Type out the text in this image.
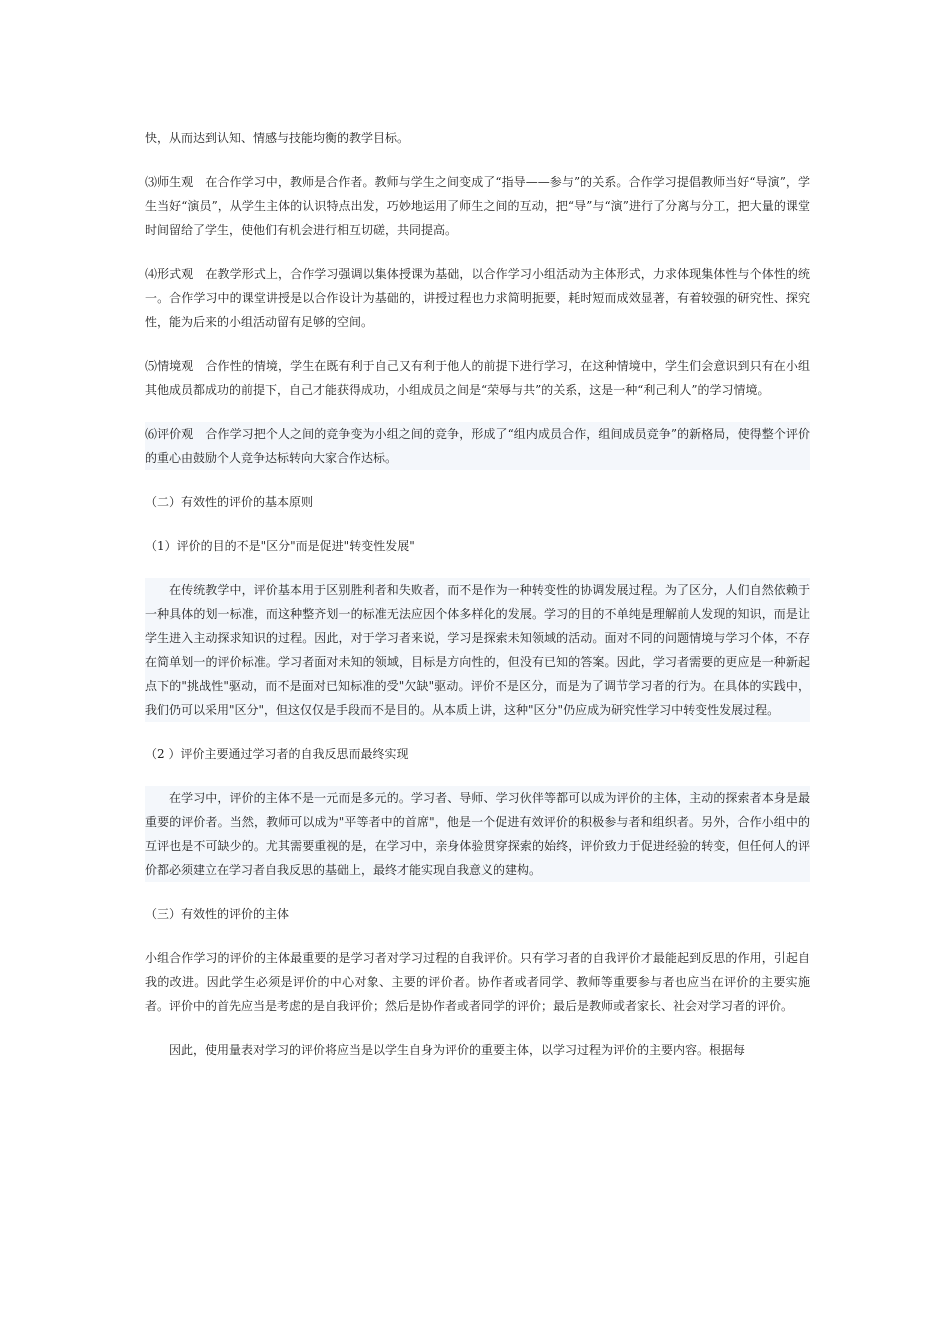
快，从而达到认知、情感与技能均衡的教学目标。

⑶师生观　在合作学习中，教师是合作者。教师与学生之间变成了“指导——参与”的关系。合作学习提倡教师当好“导演”，学生当好“演员”，从学生主体的认识特点出发，巧妙地运用了师生之间的互动，把“导”与“演”进行了分离与分工，把大量的课堂时间留给了学生，使他们有机会进行相互切磋，共同提高。

⑷形式观　在教学形式上，合作学习强调以集体授课为基础，以合作学习小组活动为主体形式，力求体现集体性与个体性的统一。合作学习中的课堂讲授是以合作设计为基础的，讲授过程也力求简明扼要，耗时短而成效显著，有着较强的研究性、探究性，能为后来的小组活动留有足够的空间。

⑸情境观　合作性的情境，学生在既有利于自己又有利于他人的前提下进行学习，在这种情境中，学生们会意识到只有在小组其他成员都成功的前提下，自己才能获得成功，小组成员之间是“荣辱与共”的关系，这是一种“利己利人”的学习情境。

⑹评价观　合作学习把个人之间的竞争变为小组之间的竞争，形成了“组内成员合作，组间成员竞争”的新格局，使得整个评价的重心由鼓励个人竞争达标转向大家合作达标。

（二）有效性的评价的基本原则

（1）评价的目的不是"区分"而是促进"转变性发展"

在传统教学中，评价基本用于区别胜利者和失败者，而不是作为一种转变性的协调发展过程。为了区分，人们自然依赖于一种具体的划一标准，而这种整齐划一的标准无法应因个体多样化的发展。学习的目的不单纯是理解前人发现的知识，而是让学生进入主动探求知识的过程。因此，对于学习者来说，学习是探索未知领域的活动。面对不同的问题情境与学习个体，不存在简单划一的评价标准。学习者面对未知的领域，目标是方向性的，但没有已知的答案。因此，学习者需要的更应是一种新起点下的"挑战性"驱动，而不是面对已知标准的受"欠缺"驱动。评价不是区分，而是为了调节学习者的行为。在具体的实践中，我们仍可以采用"区分"，但这仅仅是手段而不是目的。从本质上讲，这种"区分"仍应成为研究性学习中转变性发展过程。

（2 ）评价主要通过学习者的自我反思而最终实现

在学习中，评价的主体不是一元而是多元的。学习者、导师、学习伙伴等都可以成为评价的主体，主动的探索者本身是最重要的评价者。当然，教师可以成为"平等者中的首席"，他是一个促进有效评价的积极参与者和组织者。另外，合作小组中的互评也是不可缺少的。尤其需要重视的是，在学习中，亲身体验贯穿探索的始终，评价致力于促进经验的转变，但任何人的评价都必须建立在学习者自我反思的基础上，最终才能实现自我意义的建构。

（三）有效性的评价的主体

小组合作学习的评价的主体最重要的是学习者对学习过程的自我评价。只有学习者的自我评价才最能起到反思的作用，引起自我的改进。因此学生必须是评价的中心对象、主要的评价者。协作者或者同学、教师等重要参与者也应当在评价的主要实施者。评价中的首先应当是考虑的是自我评价；然后是协作者或者同学的评价；最后是教师或者家长、社会对学习者的评价。

因此，使用量表对学习的评价将应当是以学生自身为评价的重要主体，以学习过程为评价的主要内容。根据每
